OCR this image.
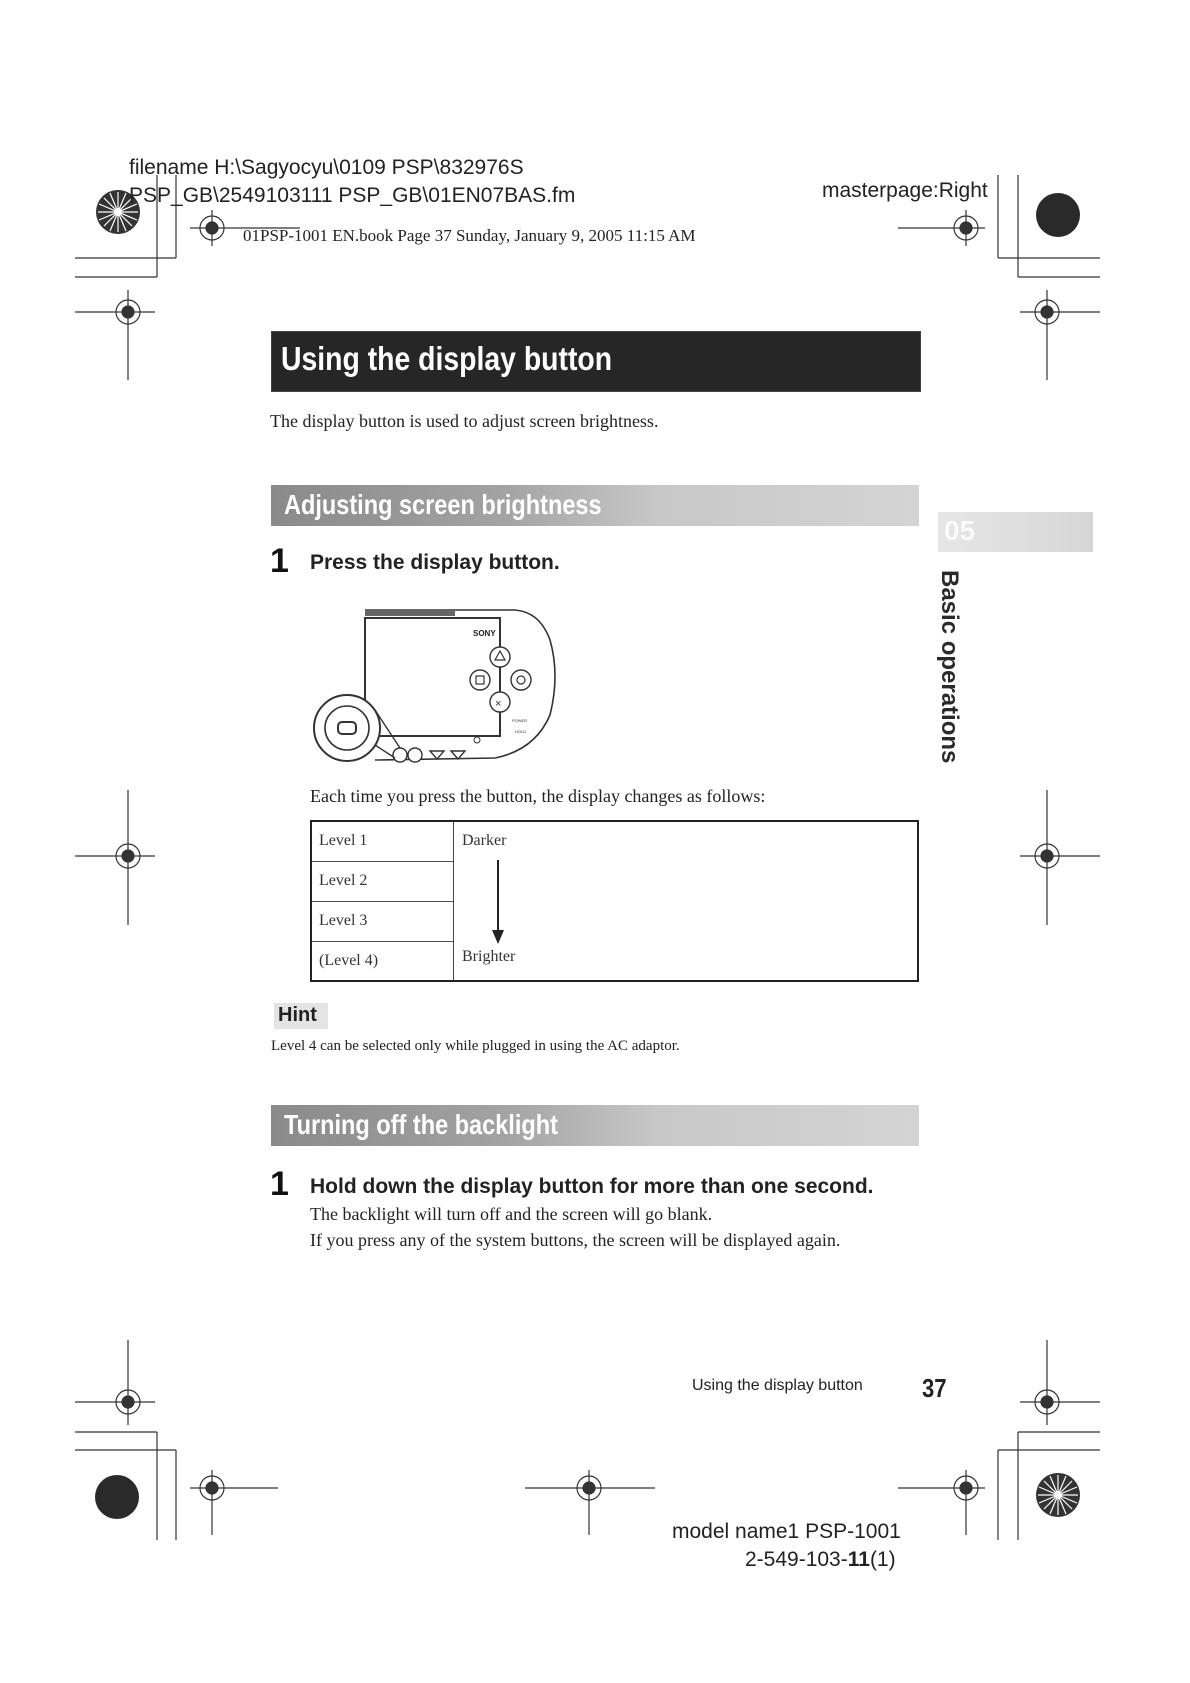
filename H:\Sagyocyu\0109 PSP\832976S
PSP_GB\2549103111 PSP_GB\01EN07BAS.fm	masterpage:Right
01PSP-1001 EN.book Page 37 Sunday, January 9, 2005 11:15 AM
Using the display button
The display button is used to adjust screen brightness.
05
Basic operations
Adjusting screen brightness
1 Press the display button.
SONY
×
POWER
HOLD
Each time you press the button, the display changes as follows:
Level 1
Level 2
Level 3
(Level 4)
Darker
Brighter
Hint
Level 4 can be selected only while plugged in using the AC adaptor.
Turning off the backlight
1 Hold down the display button for more than one second.
The backlight will turn off and the screen will go blank.
If you press any of the system buttons, the screen will be displayed again.
Using the display button 37
model name1 PSP-1001
2-549-103-11(1)
